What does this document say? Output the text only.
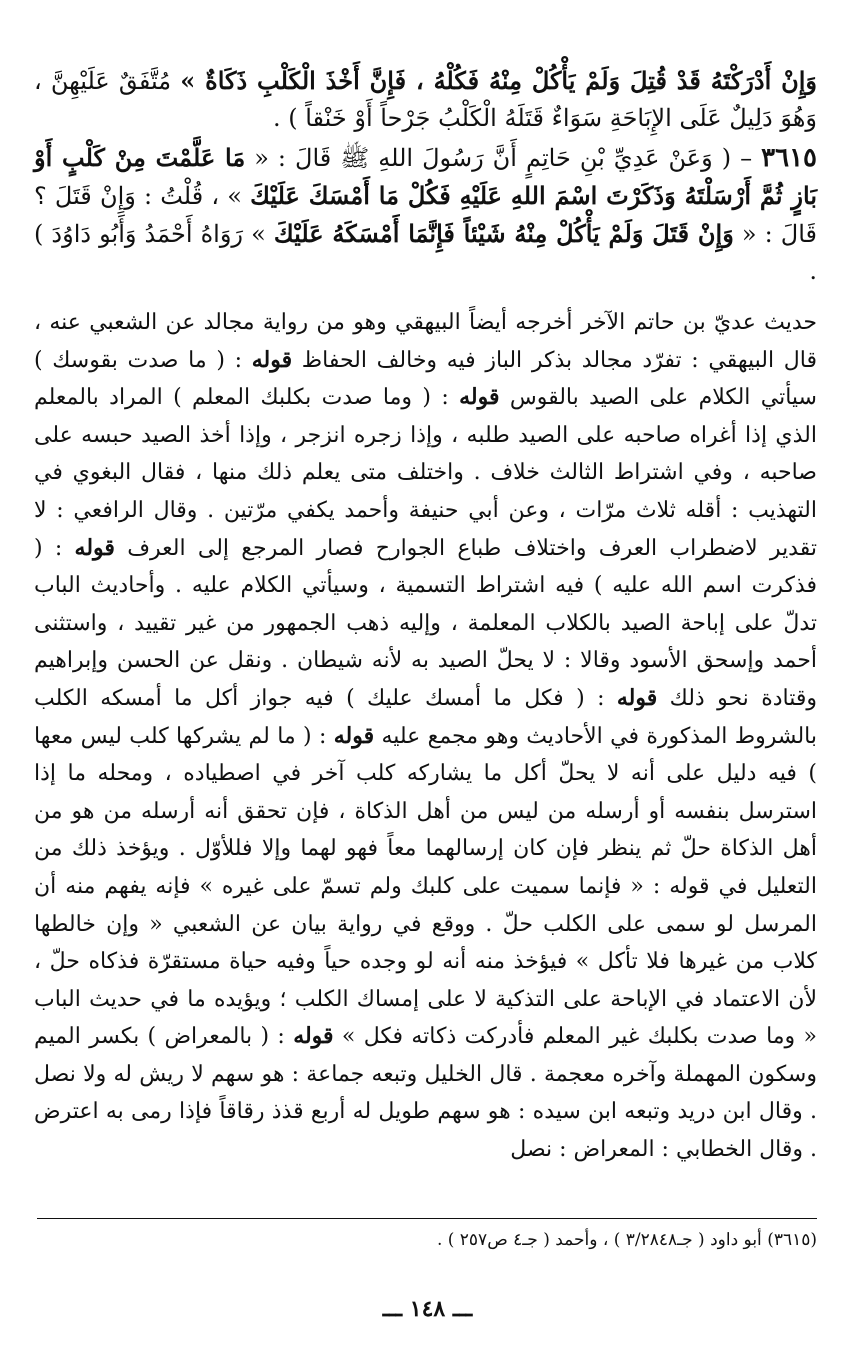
وَإِنْ أَدْرَكْتَهُ قَدْ قُتِلَ وَلَمْ يَأْكُلْ مِنْهُ فَكُلْهُ ، فَإِنَّ أَخْذَ الْكَلْبِ ذَكَاةٌ » مُتَّفَقٌ عَلَيْهِنَّ ، وَهُوَ دَلِيلٌ عَلَى الإِبَاحَةِ سَوَاءٌ قَتَلَهُ الْكَلْبُ جَرْحاً أَوْ خَنْقاً ) .

٣٦١٥ – ( وَعَنْ عَدِيِّ بْنِ حَاتِمٍ أَنَّ رَسُولَ اللهِ ﷺ قَالَ : « مَا عَلَّمْتَ مِنْ كَلْبٍ أَوْ بَازٍ ثُمَّ أَرْسَلْتَهُ وَذَكَرْتَ اسْمَ اللهِ عَلَيْهِ فَكُلْ مَا أَمْسَكَ عَلَيْكَ » ، قُلْتُ : وَإِنْ قَتَلَ ؟ قَالَ : « وَإِنْ قَتَلَ وَلَمْ يَأْكُلْ مِنْهُ شَيْئاً فَإِنَّمَا أَمْسَكَهُ عَلَيْكَ » رَوَاهُ أَحْمَدُ وَأَبُو دَاوُدَ ) .

حديث عديّ بن حاتم الآخر أخرجه أيضاً البيهقي وهو من رواية مجالد عن الشعبي عنه ، قال البيهقي : تفرّد مجالد بذكر الباز فيه وخالف الحفاظ قوله : ( ما صدت بقوسك ) سيأتي الكلام على الصيد بالقوس قوله : ( وما صدت بكلبك المعلم ) المراد بالمعلم الذي إذا أغراه صاحبه على الصيد طلبه ، وإذا زجره انزجر ، وإذا أخذ الصيد حبسه على صاحبه ، وفي اشتراط الثالث خلاف . واختلف متى يعلم ذلك منها ، فقال البغوي في التهذيب : أقله ثلاث مرّات ، وعن أبي حنيفة وأحمد يكفي مرّتين . وقال الرافعي : لا تقدير لاضطراب العرف واختلاف طباع الجوارح فصار المرجع إلى العرف قوله : ( فذكرت اسم الله عليه ) فيه اشتراط التسمية ، وسيأتي الكلام عليه . وأحاديث الباب تدلّ على إباحة الصيد بالكلاب المعلمة ، وإليه ذهب الجمهور من غير تقييد ، واستثنى أحمد وإسحق الأسود وقالا : لا يحلّ الصيد به لأنه شيطان . ونقل عن الحسن وإبراهيم وقتادة نحو ذلك قوله : ( فكل ما أمسك عليك ) فيه جواز أكل ما أمسكه الكلب بالشروط المذكورة في الأحاديث وهو مجمع عليه قوله : ( ما لم يشركها كلب ليس معها ) فيه دليل على أنه لا يحلّ أكل ما يشاركه كلب آخر في اصطياده ، ومحله ما إذا استرسل بنفسه أو أرسله من ليس من أهل الذكاة ، فإن تحقق أنه أرسله من هو من أهل الذكاة حلّ ثم ينظر فإن كان إرسالهما معاً فهو لهما وإلا فللأوّل . ويؤخذ ذلك من التعليل في قوله : « فإنما سميت على كلبك ولم تسمّ على غيره » فإنه يفهم منه أن المرسل لو سمى على الكلب حلّ . ووقع في رواية بيان عن الشعبي « وإن خالطها كلاب من غيرها فلا تأكل » فيؤخذ منه أنه لو وجده حياً وفيه حياة مستقرّة فذكاه حلّ ، لأن الاعتماد في الإباحة على التذكية لا على إمساك الكلب ؛ ويؤيده ما في حديث الباب « وما صدت بكلبك غير المعلم فأدركت ذكاته فكل » قوله : ( بالمعراض ) بكسر الميم وسكون المهملة وآخره معجمة . قال الخليل وتبعه جماعة : هو سهم لا ريش له ولا نصل . وقال ابن دريد وتبعه ابن سيده : هو سهم طويل له أربع قذذ رقاقاً فإذا رمى به اعترض . وقال الخطابي : المعراض : نصل
(٣٦١٥) أبو داود ( جـ٣/٢٨٤٨ ) ، وأحمد ( جـ٤ ص٢٥٧ ) .
ـــ ١٤٨ ـــ
